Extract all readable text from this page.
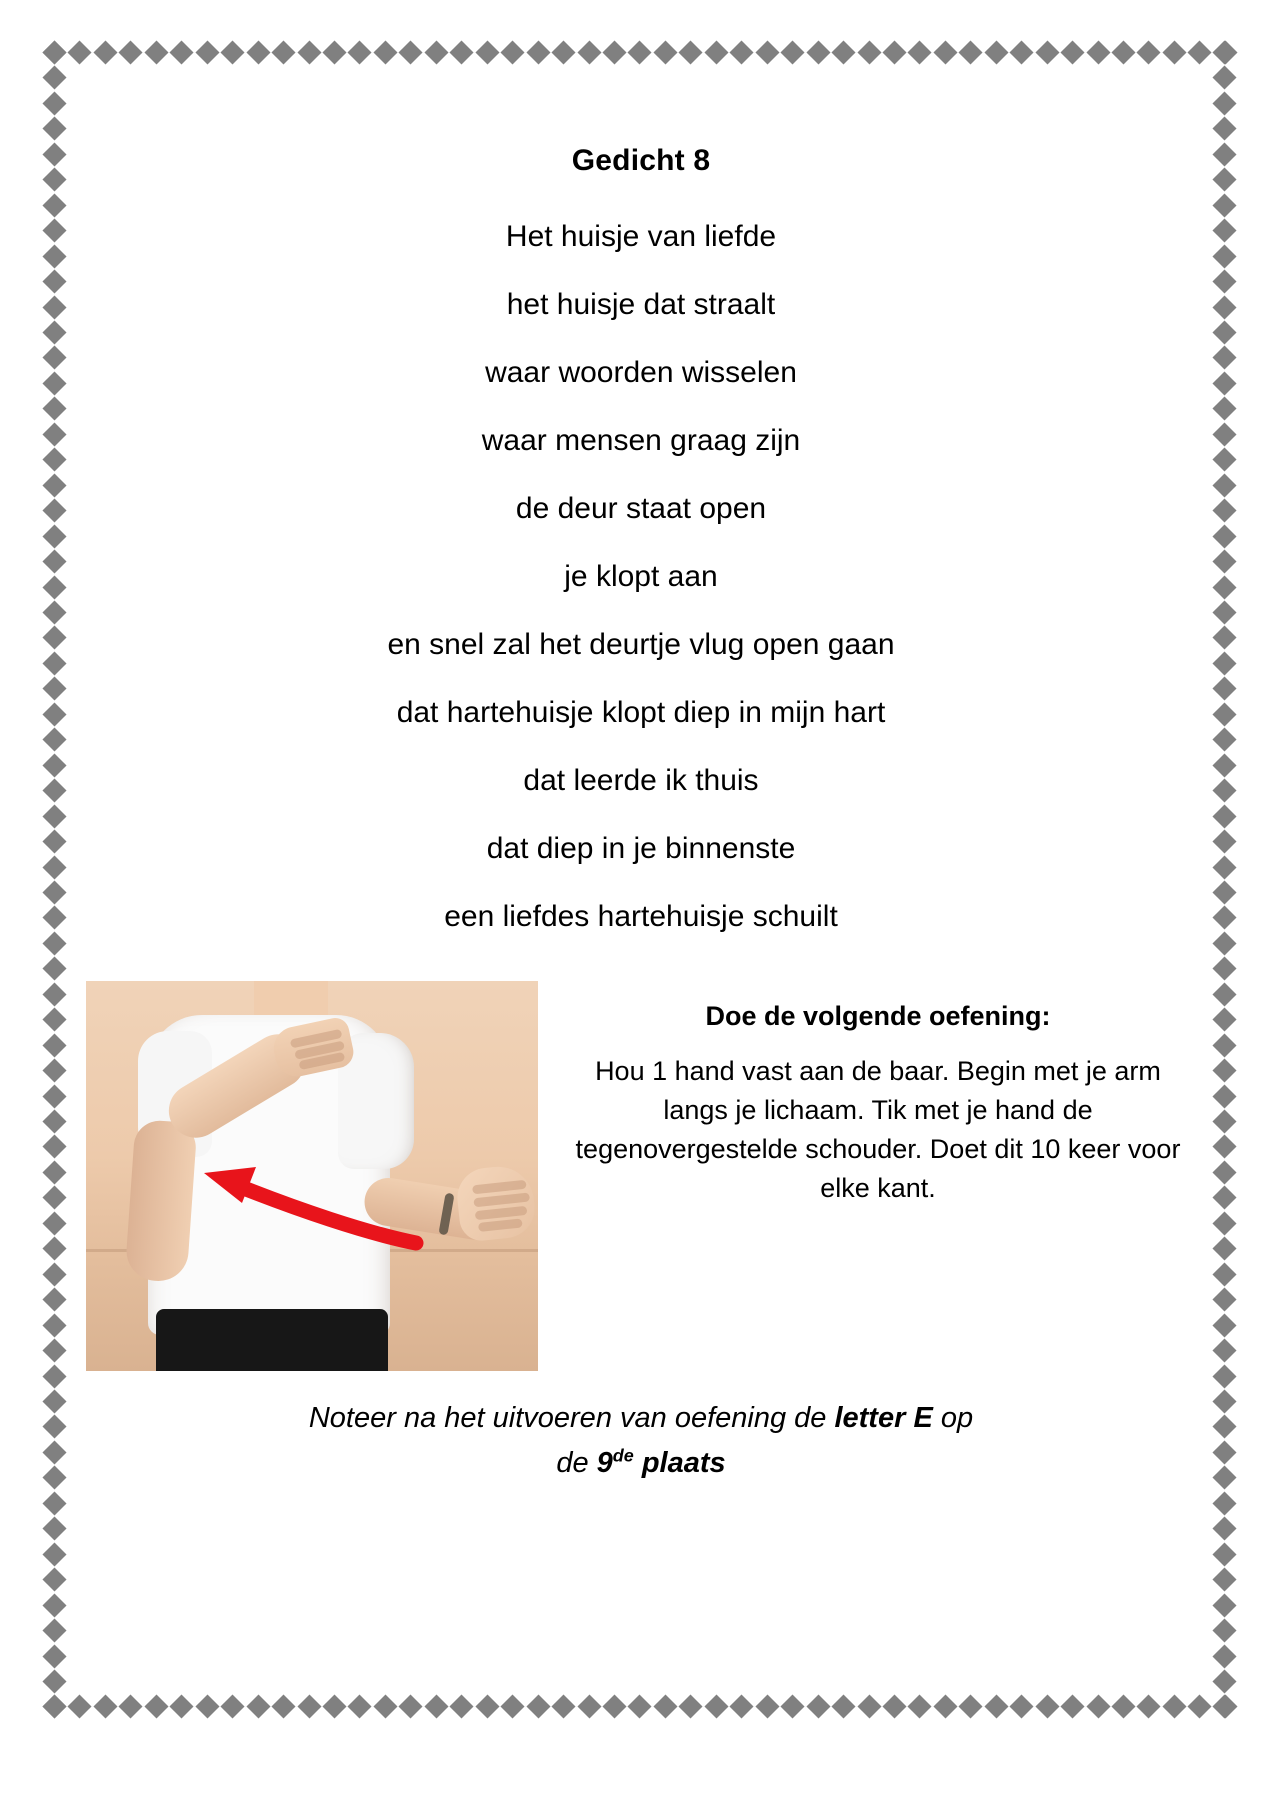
Gedicht 8
Het huisje van liefde
het huisje dat straalt
waar woorden wisselen
waar mensen graag zijn
de deur staat open
je klopt aan
en snel zal het deurtje vlug open gaan
dat hartehuisje klopt diep in mijn hart
dat leerde ik thuis
dat diep in je binnenste
een liefdes hartehuisje schuilt
Doe de volgende oefening:
Hou 1 hand vast aan de baar. Begin met je arm langs je lichaam. Tik met je hand de tegenovergestelde schouder. Doet dit 10 keer voor elke kant.
Noteer na het uitvoeren van oefening de letter E op
de 9de plaats
